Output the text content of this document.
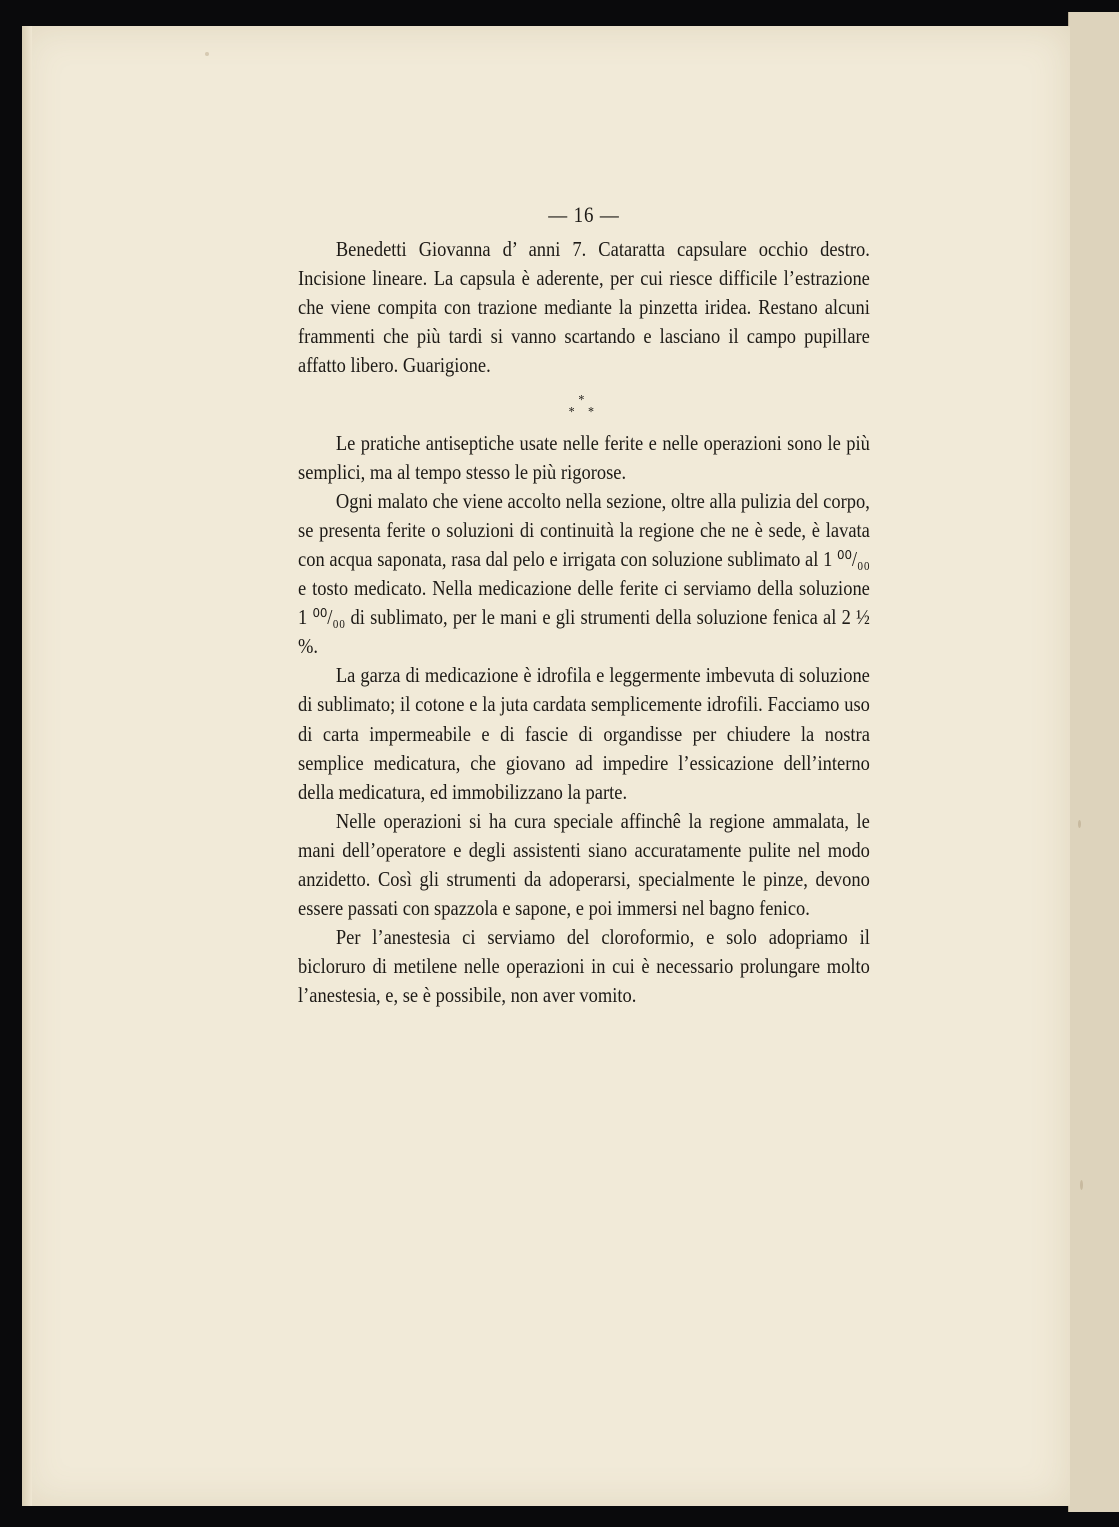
— 16 —

Benedetti Giovanna d’ anni 7. Cataratta capsulare occhio destro. Incisione lineare. La capsula è aderente, per cui riesce difficile l’estrazione che viene compita con trazione mediante la pinzetta iridea. Restano alcuni frammenti che più tardi si vanno scartando e lasciano il campo pupillare affatto libero. Guarigione.

*
* *

Le pratiche antiseptiche usate nelle ferite e nelle operazioni sono le più semplici, ma al tempo stesso le più rigorose.

Ogni malato che viene accolto nella sezione, oltre alla pulizia del corpo, se presenta ferite o soluzioni di continuità la regione che ne è sede, è lavata con acqua saponata, rasa dal pelo e irrigata con soluzione sublimato al 1 ⁰⁰/₀₀ e tosto medicato. Nella medicazione delle ferite ci serviamo della soluzione 1 ⁰⁰/₀₀ di sublimato, per le mani e gli strumenti della soluzione fenica al 2 ½ %.

La garza di medicazione è idrofila e leggermente imbevuta di soluzione di sublimato; il cotone e la juta cardata semplicemente idrofili. Facciamo uso di carta impermeabile e di fascie di organdisse per chiudere la nostra semplice medicatura, che giovano ad impedire l’essicazione dell’interno della medicatura, ed immobilizzano la parte.

Nelle operazioni si ha cura speciale affinchê la regione ammalata, le mani dell’operatore e degli assistenti siano accuratamente pulite nel modo anzidetto. Così gli strumenti da adoperarsi, specialmente le pinze, devono essere passati con spazzola e sapone, e poi immersi nel bagno fenico.

Per l’anestesia ci serviamo del cloroformio, e solo adopriamo il bicloruro di metilene nelle operazioni in cui è necessario prolungare molto l’anestesia, e, se è possibile, non aver vomito.
